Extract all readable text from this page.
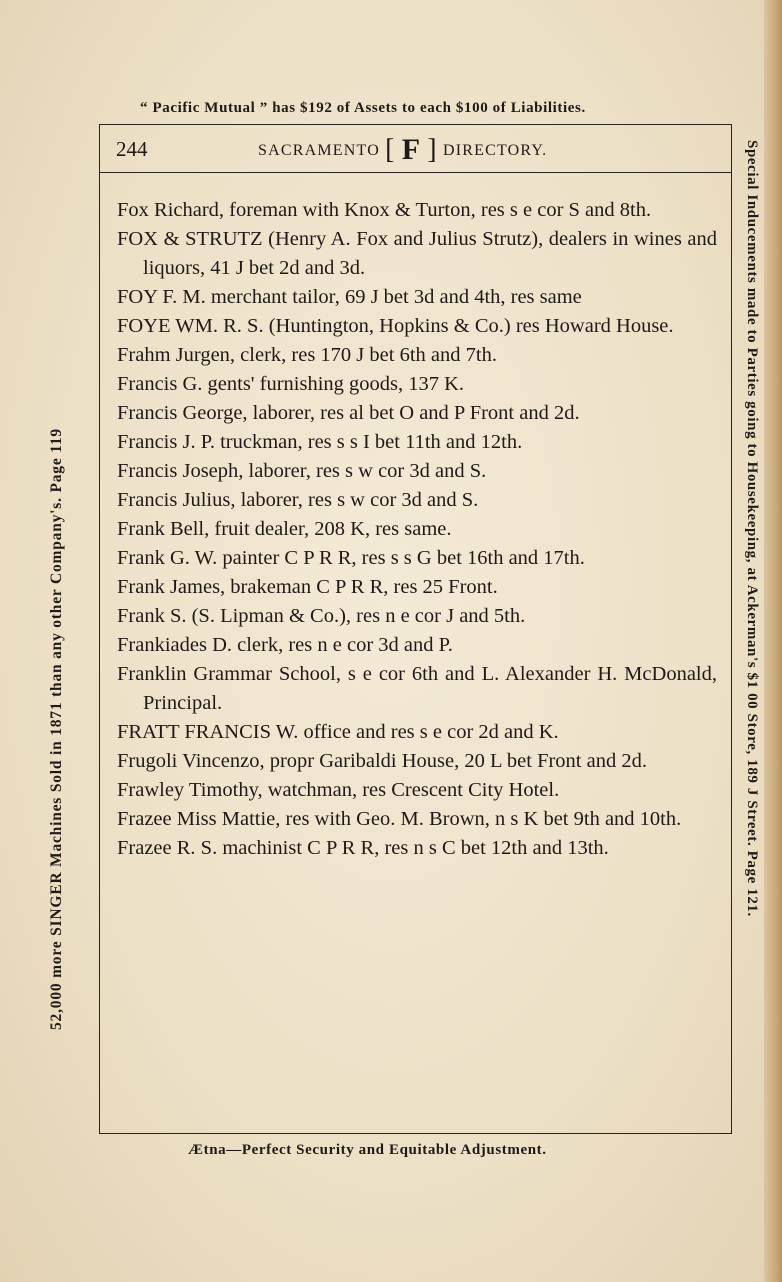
“ Pacific Mutual ” has $192 of Assets to each $100 of Liabilities.
52,000 more SINGER Machines Sold in 1871 than any other Company's. Page 119	Special Inducements made to Parties going to Housekeeping, at Ackerman's $1 00 Store, 189 J Street. Page 121.
244	SACRAMENTO [ F ] DIRECTORY.
Fox Richard, foreman with Knox & Turton, res s e cor S and 8th.
FOX & STRUTZ (Henry A. Fox and Julius Strutz), dealers in wines and liquors, 41 J bet 2d and 3d.
FOY F. M. merchant tailor, 69 J bet 3d and 4th, res same
FOYE WM. R. S. (Huntington, Hopkins & Co.) res Howard House.
Frahm Jurgen, clerk, res 170 J bet 6th and 7th.
Francis G. gents' furnishing goods, 137 K.
Francis George, laborer, res al bet O and P Front and 2d.
Francis J. P. truckman, res s s I bet 11th and 12th.
Francis Joseph, laborer, res s w cor 3d and S.
Francis Julius, laborer, res s w cor 3d and S.
Frank Bell, fruit dealer, 208 K, res same.
Frank G. W. painter C P R R, res s s G bet 16th and 17th.
Frank James, brakeman C P R R, res 25 Front.
Frank S. (S. Lipman & Co.), res n e cor J and 5th.
Frankiades D. clerk, res n e cor 3d and P.
Franklin Grammar School, s e cor 6th and L. Alexander H. McDonald, Principal.
FRATT FRANCIS W. office and res s e cor 2d and K.
Frugoli Vincenzo, propr Garibaldi House, 20 L bet Front and 2d.
Frawley Timothy, watchman, res Crescent City Hotel.
Frazee Miss Mattie, res with Geo. M. Brown, n s K bet 9th and 10th.
Frazee R. S. machinist C P R R, res n s C bet 12th and 13th.
Ætna—Perfect Security and Equitable Adjustment.
